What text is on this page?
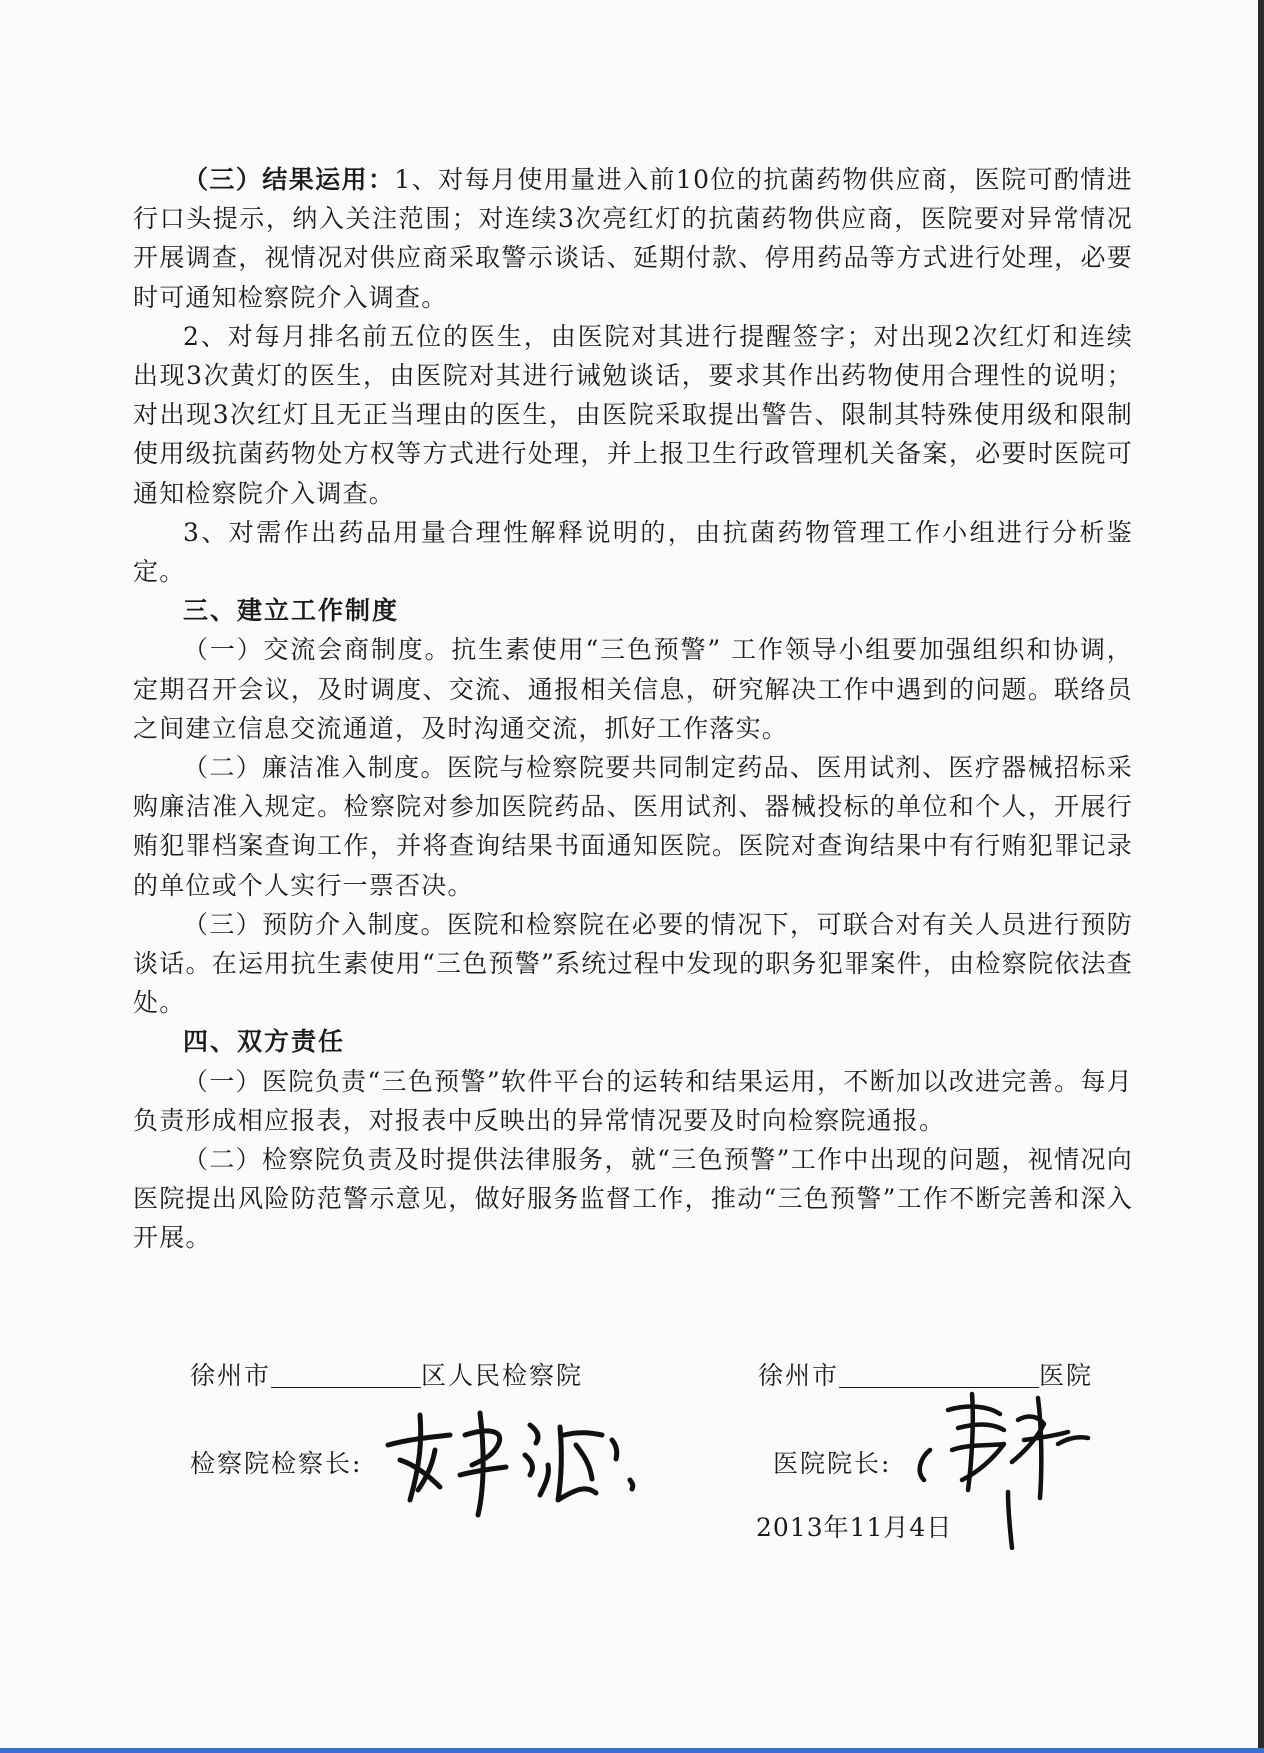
（三）结果运用：1、对每月使用量进入前10位的抗菌药物供应商，医院可酌情进行口头提示，纳入关注范围；对连续3次亮红灯的抗菌药物供应商，医院要对异常情况开展调查，视情况对供应商采取警示谈话、延期付款、停用药品等方式进行处理，必要时可通知检察院介入调查。

2、对每月排名前五位的医生，由医院对其进行提醒签字；对出现2次红灯和连续出现3次黄灯的医生，由医院对其进行诫勉谈话，要求其作出药物使用合理性的说明；对出现3次红灯且无正当理由的医生，由医院采取提出警告、限制其特殊使用级和限制使用级抗菌药物处方权等方式进行处理，并上报卫生行政管理机关备案，必要时医院可通知检察院介入调查。

3、对需作出药品用量合理性解释说明的，由抗菌药物管理工作小组进行分析鉴定。

三、建立工作制度

（一）交流会商制度。抗生素使用“三色预警” 工作领导小组要加强组织和协调，定期召开会议，及时调度、交流、通报相关信息，研究解决工作中遇到的问题。联络员之间建立信息交流通道，及时沟通交流，抓好工作落实。

（二）廉洁准入制度。医院与检察院要共同制定药品、医用试剂、医疗器械招标采购廉洁准入规定。检察院对参加医院药品、医用试剂、器械投标的单位和个人，开展行贿犯罪档案查询工作，并将查询结果书面通知医院。医院对查询结果中有行贿犯罪记录的单位或个人实行一票否决。

（三）预防介入制度。医院和检察院在必要的情况下，可联合对有关人员进行预防谈话。在运用抗生素使用“三色预警”系统过程中发现的职务犯罪案件，由检察院依法查处。

四、双方责任

（一）医院负责“三色预警”软件平台的运转和结果运用，不断加以改进完善。每月负责形成相应报表，对报表中反映出的异常情况要及时向检察院通报。

（二）检察院负责及时提供法律服务，就“三色预警”工作中出现的问题，视情况向医院提出风险防范警示意见，做好服务监督工作，推动“三色预警”工作不断完善和深入开展。

徐州市	区人民检察院
检察院检察长:
徐州市	医院
医院院长:
2013年11月4日
